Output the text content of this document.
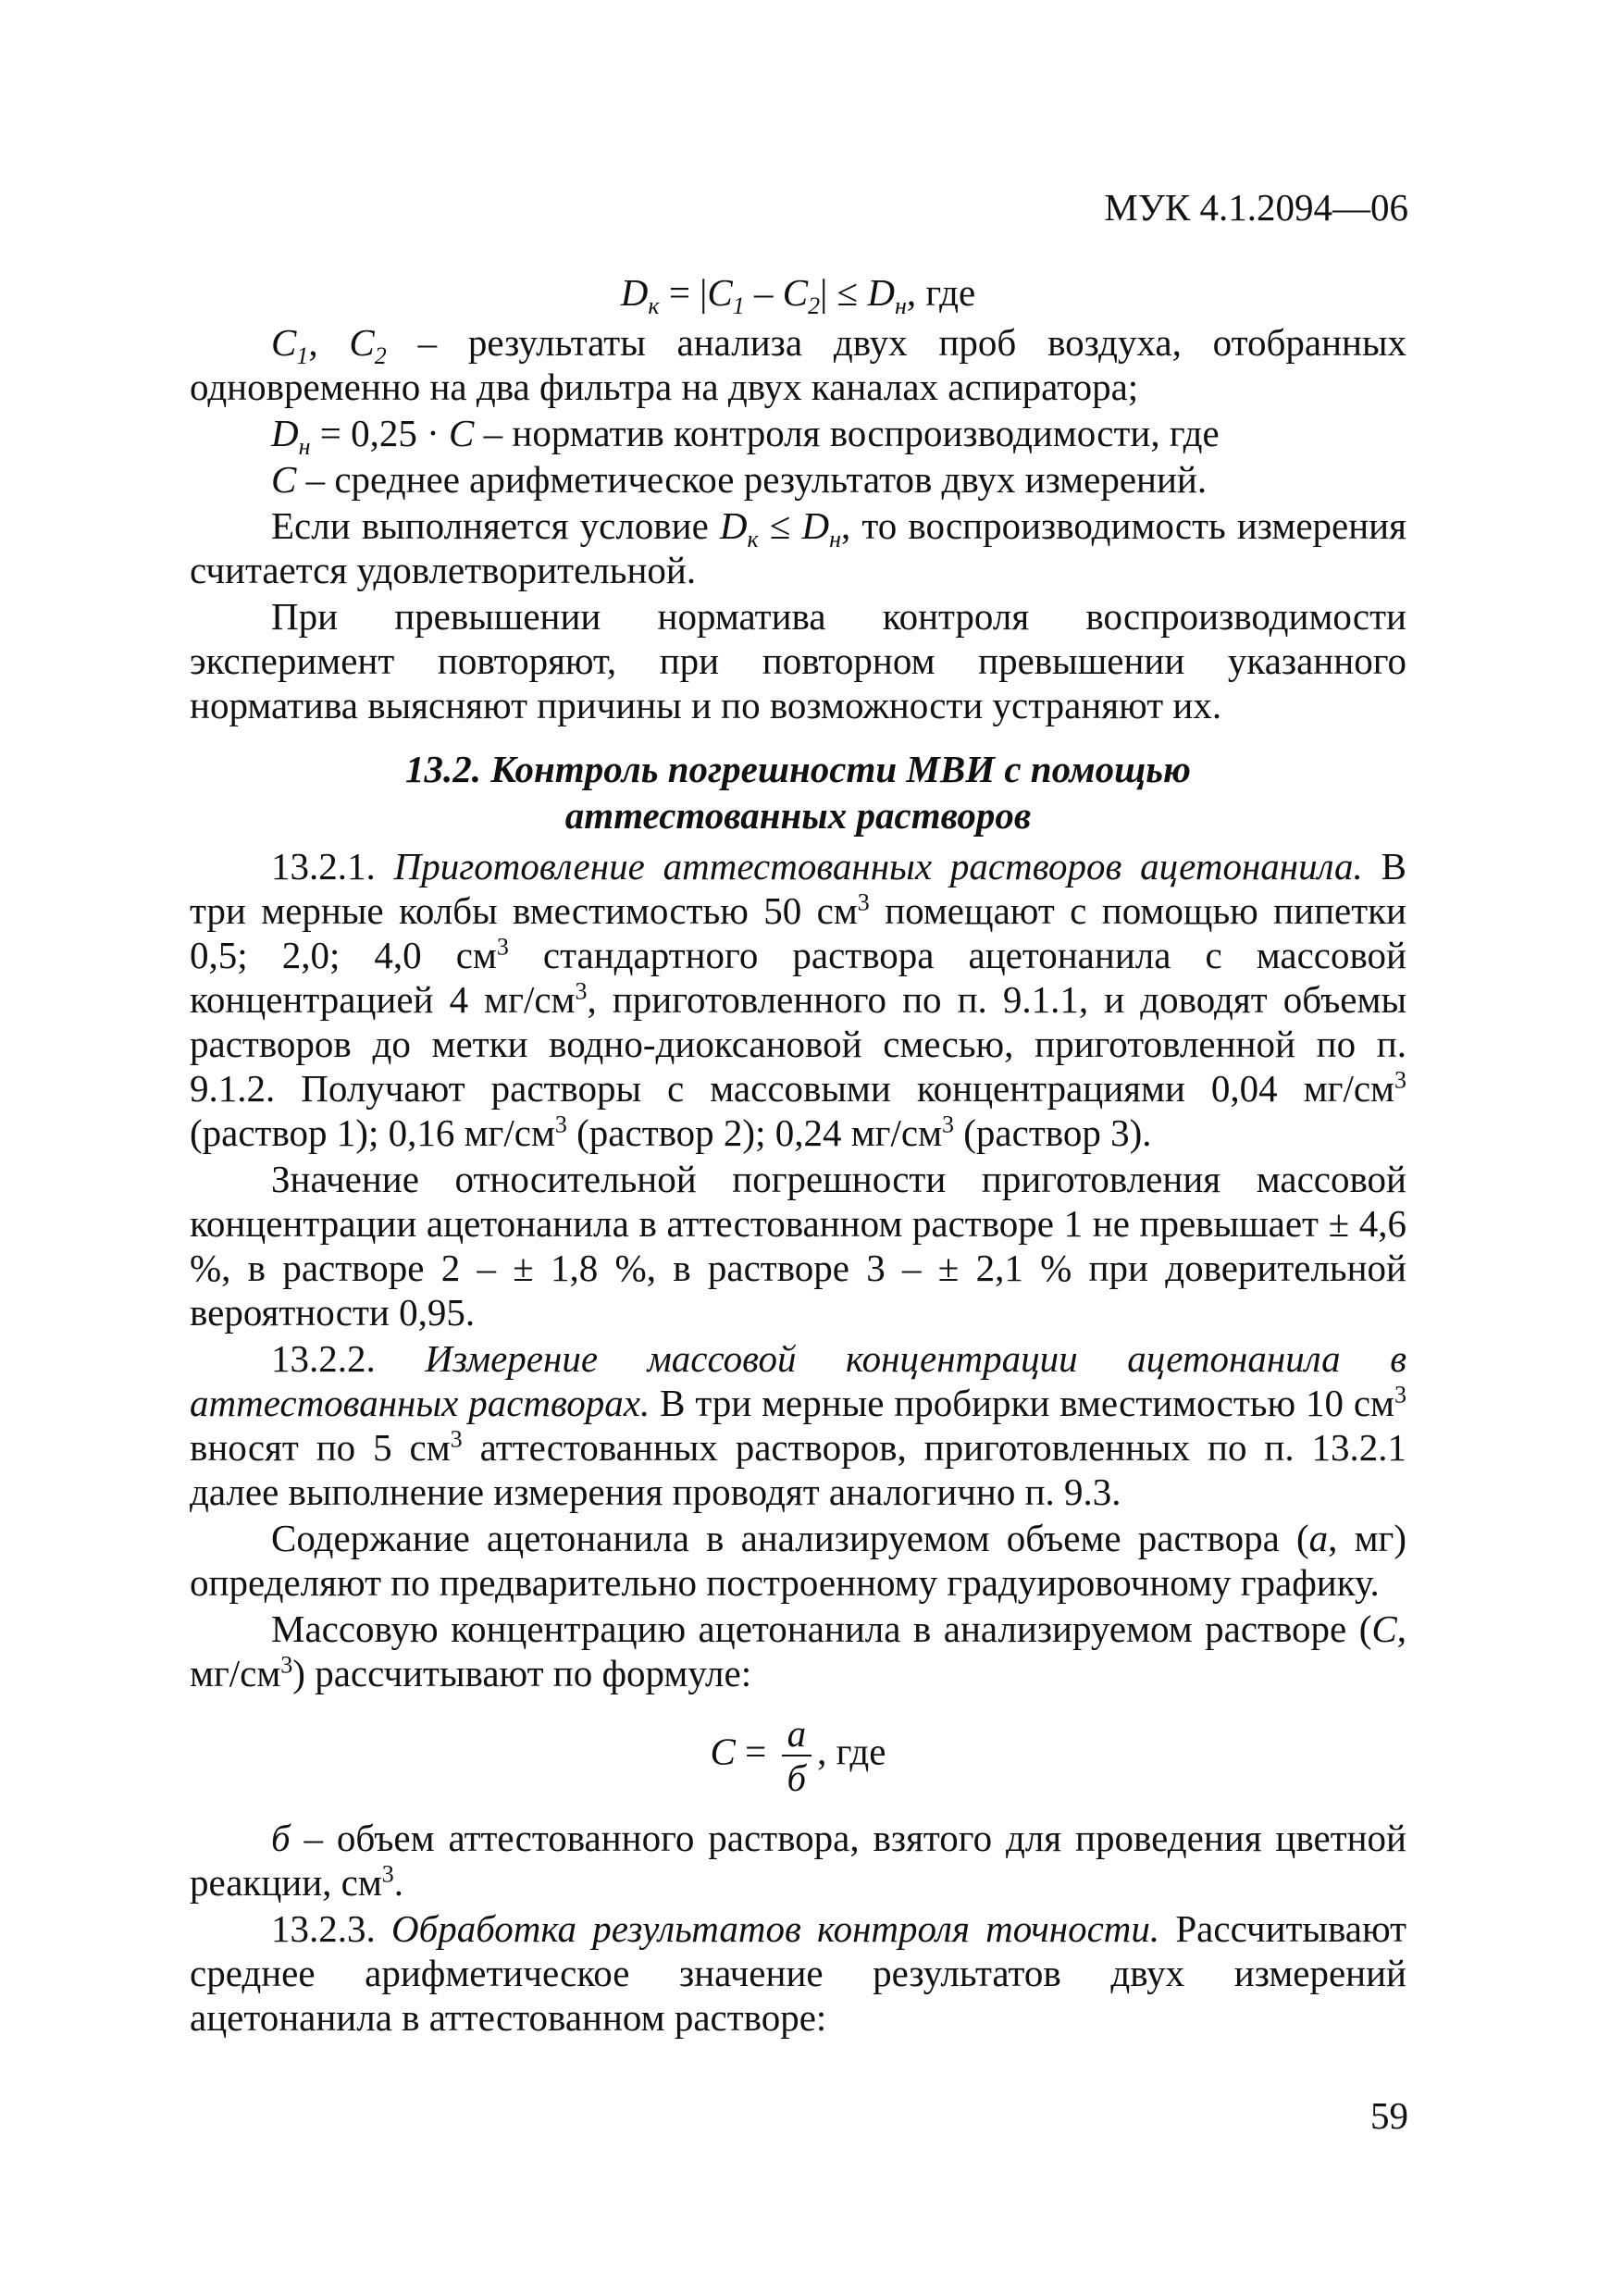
МУК 4.1.2094—06
$D_к = |C_1 - C_2| \le D_н$, где

$C_1$, $C_2$ – результаты анализа двух проб воздуха, отобранных одновременно на два фильтра на двух каналах аспиратора;

$D_н = 0,25 \cdot C$ – норматив контроля воспроизводимости, где

C – среднее арифметическое результатов двух измерений.

Если выполняется условие $D_к \le D_н$, то воспроизводимость измерения считается удовлетворительной.

При превышении норматива контроля воспроизводимости эксперимент повторяют, при повторном превышении указанного норматива выясняют причины и по возможности устраняют их.

13.2. Контроль погрешности МВИ с помощью
аттестованных растворов

13.2.1. Приготовление аттестованных растворов ацетонанила. В три мерные колбы вместимостью 50 $см^3$ помещают с помощью пипетки 0,5; 2,0; 4,0 $см^3$ стандартного раствора ацетонанила с массовой концентрацией 4 $мг/см^3$, приготовленного по п. 9.1.1, и доводят объемы растворов до метки водно-диоксановой смесью, приготовленной по п. 9.1.2. Получают растворы с массовыми концентрациями 0,04 $мг/см^3$ (раствор 1); 0,16 $мг/см^3$ (раствор 2); 0,24 $мг/см^3$ (раствор 3).

Значение относительной погрешности приготовления массовой концентрации ацетонанила в аттестованном растворе 1 не превышает ± 4,6 %, в растворе 2 – ± 1,8 %, в растворе 3 – ± 2,1 % при доверительной вероятности 0,95.

13.2.2. Измерение массовой концентрации ацетонанила в аттестованных растворах. В три мерные пробирки вместимостью 10 $см^3$ вносят по 5 $см^3$ аттестованных растворов, приготовленных по п. 13.2.1 далее выполнение измерения проводят аналогично п. 9.3.

Содержание ацетонанила в анализируемом объеме раствора (а, мг) определяют по предварительно построенному градуировочному графику.

Массовую концентрацию ацетонанила в анализируемом растворе (С, $мг/см^3$) рассчитывают по формуле:

$С = \frac{а}{б}$ , где

б – объем аттестованного раствора, взятого для проведения цветной реакции, $см^3$.

13.2.3. Обработка результатов контроля точности. Рассчитывают среднее арифметическое значение результатов двух измерений ацетонанила в аттестованном растворе:

59
